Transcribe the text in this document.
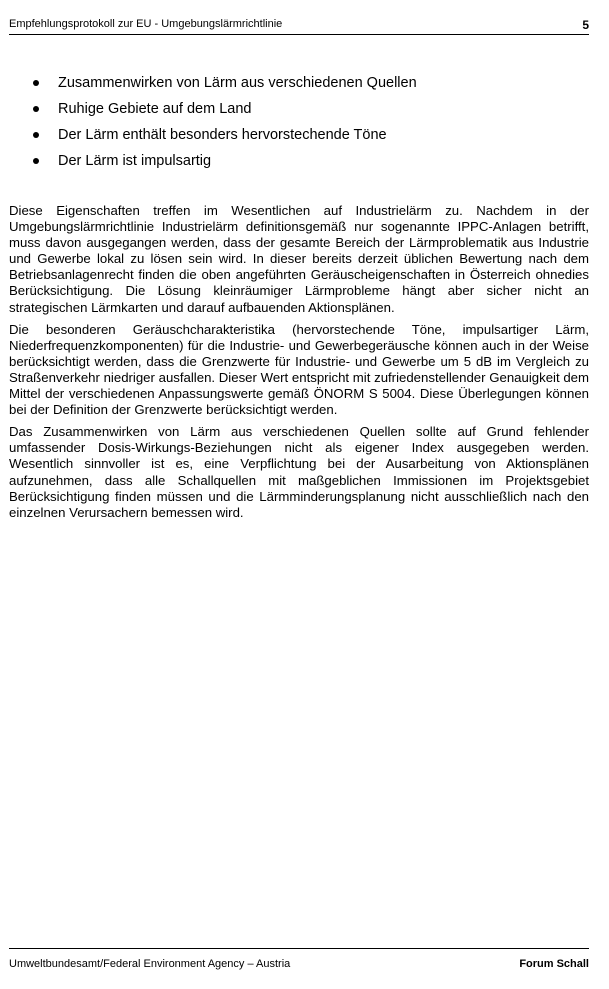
Empfehlungsprotokoll zur EU - Umgebungslärmrichtlinie	5
Zusammenwirken von Lärm aus verschiedenen Quellen
Ruhige Gebiete auf dem Land
Der Lärm enthält besonders hervorstechende Töne
Der Lärm ist impulsartig

Diese Eigenschaften treffen im Wesentlichen auf Industrielärm zu. Nachdem in der Umgebungslärmrichtlinie Industrielärm definitionsgemäß nur sogenannte IPPC-Anlagen betrifft, muss davon ausgegangen werden, dass der gesamte Bereich der Lärmproblematik aus Industrie und Gewerbe lokal zu lösen sein wird. In dieser bereits derzeit üblichen Bewertung nach dem Betriebsanlagenrecht finden die oben angeführten Geräuscheigenschaften in Österreich ohnedies Berücksichtigung. Die Lösung kleinräumiger Lärmprobleme hängt aber sicher nicht an strategischen Lärmkarten und darauf aufbauenden Aktionsplänen.

Die besonderen Geräuschcharakteristika (hervorstechende Töne, impulsartiger Lärm, Niederfrequenzkomponenten) für die Industrie- und Gewerbegeräusche können auch in der Weise berücksichtigt werden, dass die Grenzwerte für Industrie- und Gewerbe um 5 dB im Vergleich zu Straßenverkehr niedriger ausfallen. Dieser Wert entspricht mit zufriedenstellender Genauigkeit dem Mittel der verschiedenen Anpassungswerte gemäß ÖNORM S 5004. Diese Überlegungen können bei der Definition der Grenzwerte berücksichtigt werden.

Das Zusammenwirken von Lärm aus verschiedenen Quellen sollte auf Grund fehlender umfassender Dosis-Wirkungs-Beziehungen nicht als eigener Index ausgegeben werden. Wesentlich sinnvoller ist es, eine Verpflichtung bei der Ausarbeitung von Aktionsplänen aufzunehmen, dass alle Schallquellen mit maßgeblichen Immissionen im Projektsgebiet Berücksichtigung finden müssen und die Lärmminderungsplanung nicht ausschließlich nach den einzelnen Verursachern bemessen wird.

Umweltbundesamt/Federal Environment Agency – Austria	Forum Schall
